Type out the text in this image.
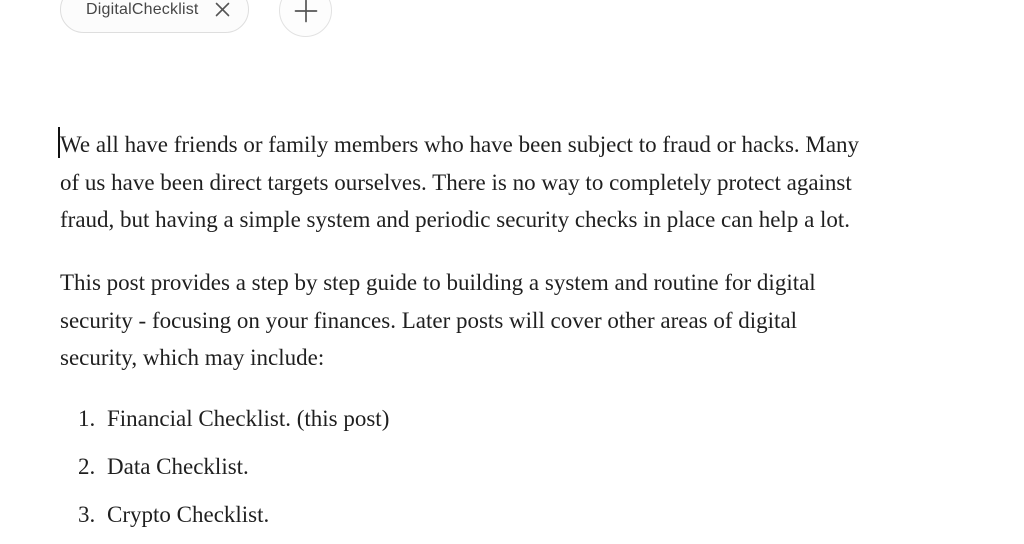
DigitalChecklist
We all have friends or family members who have been subject to fraud or hacks. Many
of us have been direct targets ourselves. There is no way to completely protect against
fraud, but having a simple system and periodic security checks in place can help a lot.
This post provides a step by step guide to building a system and routine for digital
security - focusing on your finances. Later posts will cover other areas of digital
security, which may include:
1. Financial Checklist. (this post)
2. Data Checklist.
3. Crypto Checklist.
